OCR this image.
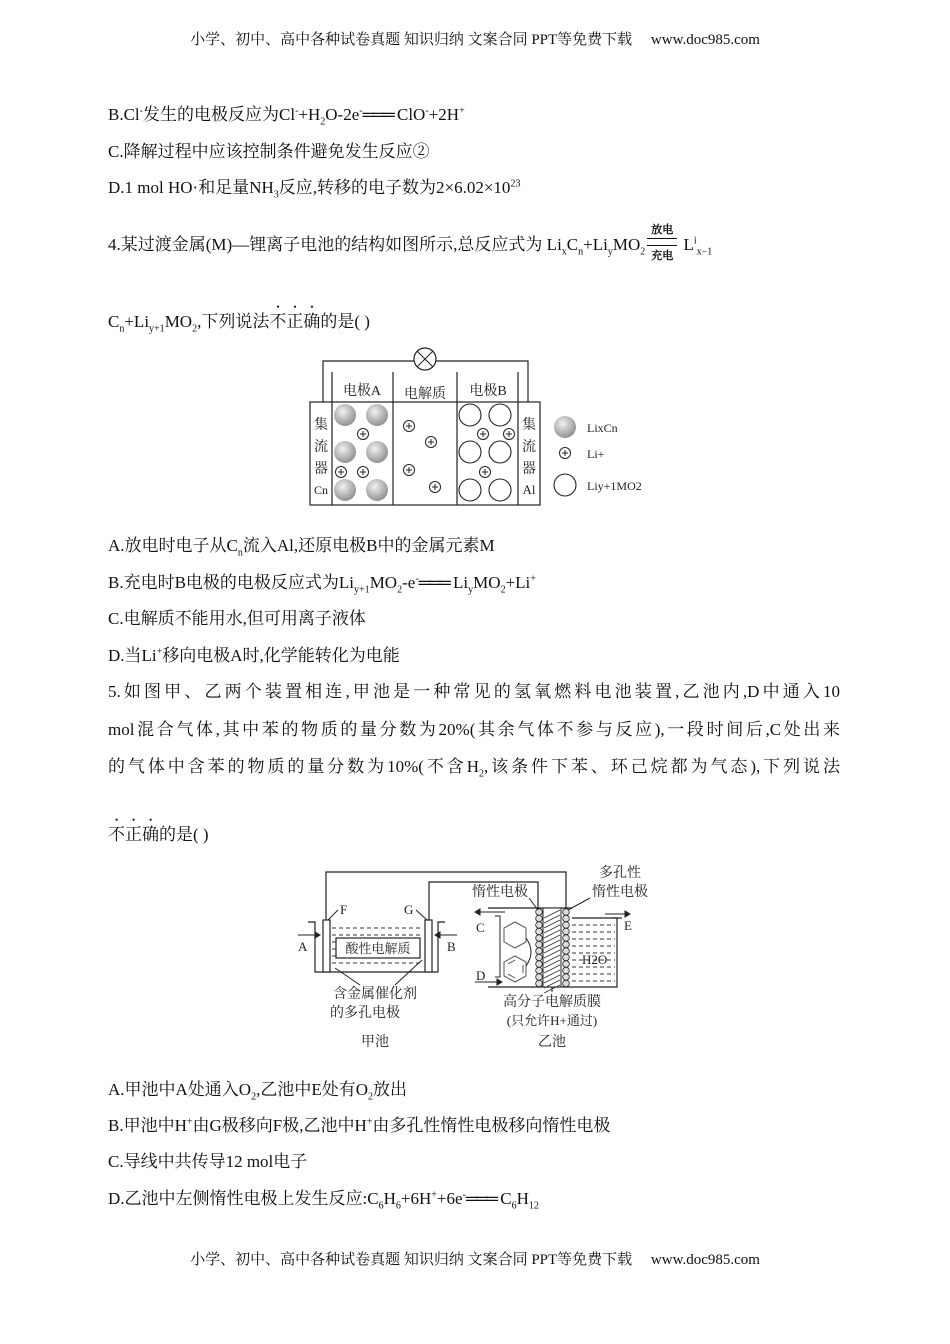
小学、初中、高中各种试卷真题 知识归纳 文案合同 PPT等免费下载 www.doc985.com
B.Cl-发生的电极反应为$Cl^-+H_2O-2e^-═══$ ClO-+2H+
C.降解过程中应该控制条件避免发生反应②
D.1 mol HO·和足量$NH_3$反应,转移的电子数为$2\times 6.02\times 10^{23}$
4.某过渡金属(M)—锂离子电池的结构如图所示,总反应式为 $Li_xC_n+Li_yMO_2$
放电
充电
$L^i_{x-1}$
$C_n+Li_{y+1}MO_2$,下列说法不正确的是( )
电极A 电解质 电极B
集
流
器
Cn
集
流
器
Al
LixCn
Li+
Liy+1MO2
A.放电时电子从$C_n$流入Al,还原电极B中的金属元素M
B.充电时B电极的电极反应式为$Li_{y+1}MO_2-e^-═══$ $Li_yMO_2+Li^+$
C.电解质不能用水,但可用离子液体
D.当Li+移向电极A时,化学能转化为电能
5.如图甲、乙两个装置相连,甲池是一种常见的氢氧燃料电池装置,乙池内,D中通入10
mol混合气体,其中苯的物质的量分数为20%(其余气体不参与反应),一段时间后,C处出来
的气体中含苯的物质的量分数为10%(不含$H_2$,该条件下苯、环己烷都为气态),下列说法
不正确的是( )
酸性电解质
F	G
A	B
含金属催化剂
的多孔电极
甲池
H2O
C
D
E
惰性电极
多孔性
惰性电极
高分子电解质膜
(只允许H+通过)
乙池
A.甲池中A处通入$O_2$,乙池中E处有$O_2$放出
B.甲池中H+由G极移向F极,乙池中H+由多孔性惰性电极移向惰性电极
C.导线中共传导12 mol电子
D.乙池中左侧惰性电极上发生反应$:C_6H_6+6H^++6e^-═══$ $C_6H_{12}$
小学、初中、高中各种试卷真题 知识归纳 文案合同 PPT等免费下载 www.doc985.com
